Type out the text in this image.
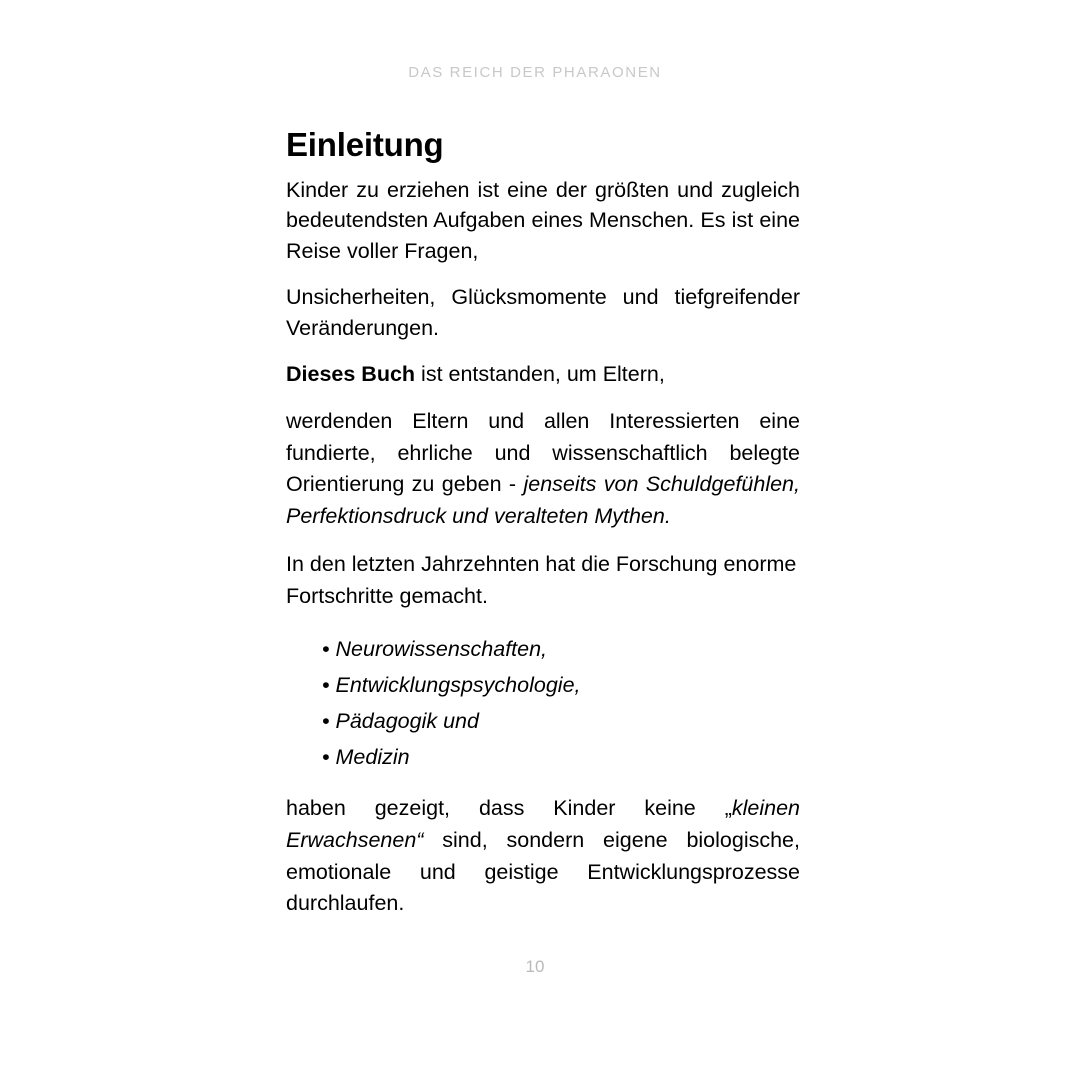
DAS REICH DER PHARAONEN
Einleitung

Kinder zu erziehen ist eine der größten und zugleich bedeutendsten Aufgaben eines Menschen. Es ist eine Reise voller Fragen,

Unsicherheiten, Glücksmomente und tiefgreifender Veränderungen.

Dieses Buch ist entstanden, um Eltern,

werdenden Eltern und allen Interessierten eine fundierte, ehrliche und wissenschaftlich belegte Orientierung zu geben - jenseits von Schuldgefühlen, Perfektionsdruck und veralteten Mythen.

In den letzten Jahrzehnten hat die Forschung enorme Fortschritte gemacht.

• Neurowissenschaften,
• Entwicklungspsychologie,
• Pädagogik und
• Medizin

haben gezeigt, dass Kinder keine „kleinen Erwachsenen“ sind, sondern eigene biologische, emotionale und geistige Entwicklungsprozesse durchlaufen.

10
